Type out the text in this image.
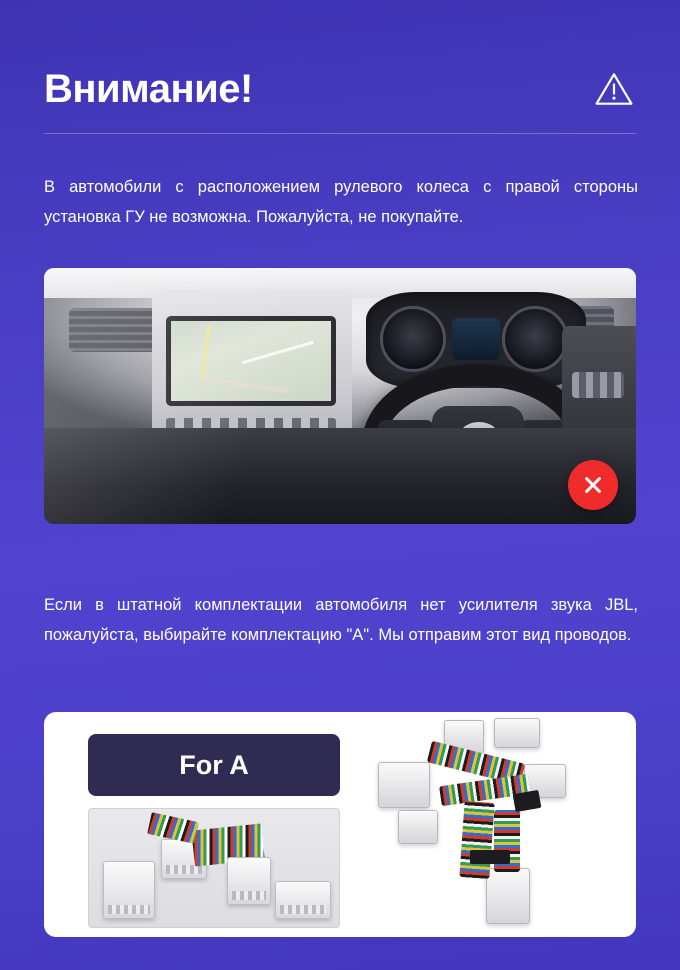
Внимание!
В автомобили с расположением рулевого колеса с правой стороны установка ГУ не возможна. Пожалуйста, не покупайте.
Если в штатной комплектации автомобиля нет усилителя звука JBL, пожалуйста, выбирайте комплектацию "A". Мы отправим этот вид проводов.
For A
